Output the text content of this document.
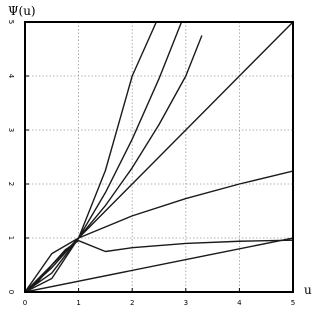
Ψ(u)
u
0	1	2	3	4	5
0
1
2
3
4
5
